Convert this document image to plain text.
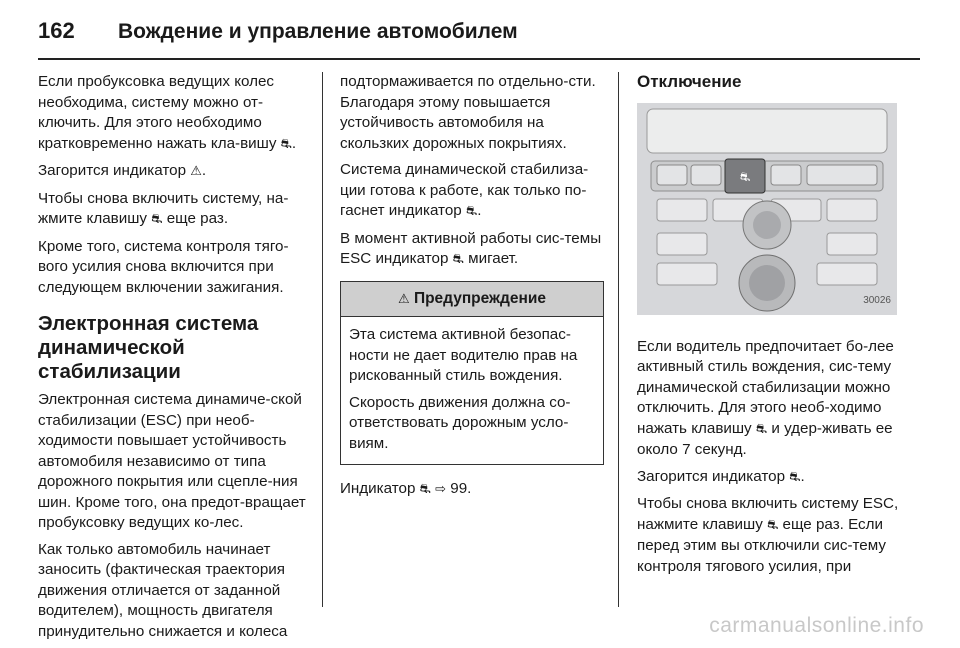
162	Вождение и управление автомобилем

Если пробуксовка ведущих колес необходима, систему можно от-ключить. Для этого необходимо кратковременно нажать кла-вишу ⛐.

Загорится индикатор ⚠.

Чтобы снова включить систему, на-жмите клавишу ⛐ еще раз.

Кроме того, система контроля тяго-вого усилия снова включится при следующем включении зажигания.

Электронная система динамической стабилизации

Электронная система динамиче-ской стабилизации (ESC) при необ-ходимости повышает устойчивость автомобиля независимо от типа дорожного покрытия или сцепле-ния шин. Кроме того, она предот-вращает пробуксовку ведущих ко-лес.

Как только автомобиль начинает заносить (фактическая траектория движения отличается от заданной водителем), мощность двигателя принудительно снижается и колеса

подтормаживается по отдельно-сти. Благодаря этому повышается устойчивость автомобиля на скользких дорожных покрытиях.

Система динамической стабилиза-ции готова к работе, как только по-гаснет индикатор ⛐.

В момент активной работы сис-темы ESC индикатор ⛐ мигает.

⚠ Предупреждение

Эта система активной безопас-ности не дает водителю прав на рискованный стиль вождения.

Скорость движения должна со-ответствовать дорожным усло-виям.

Индикатор ⛐ ⇨ 99.

Отключение
⛐
30026

Если водитель предпочитает бо-лее активный стиль вождения, сис-тему динамической стабилизации можно отключить. Для этого необ-ходимо нажать клавишу ⛐ и удер-живать ее около 7 секунд.

Загорится индикатор ⛐.

Чтобы снова включить систему ESC, нажмите клавишу ⛐ еще раз. Если перед этим вы отключили сис-тему контроля тягового усилия, при

carmanualsonline.info
